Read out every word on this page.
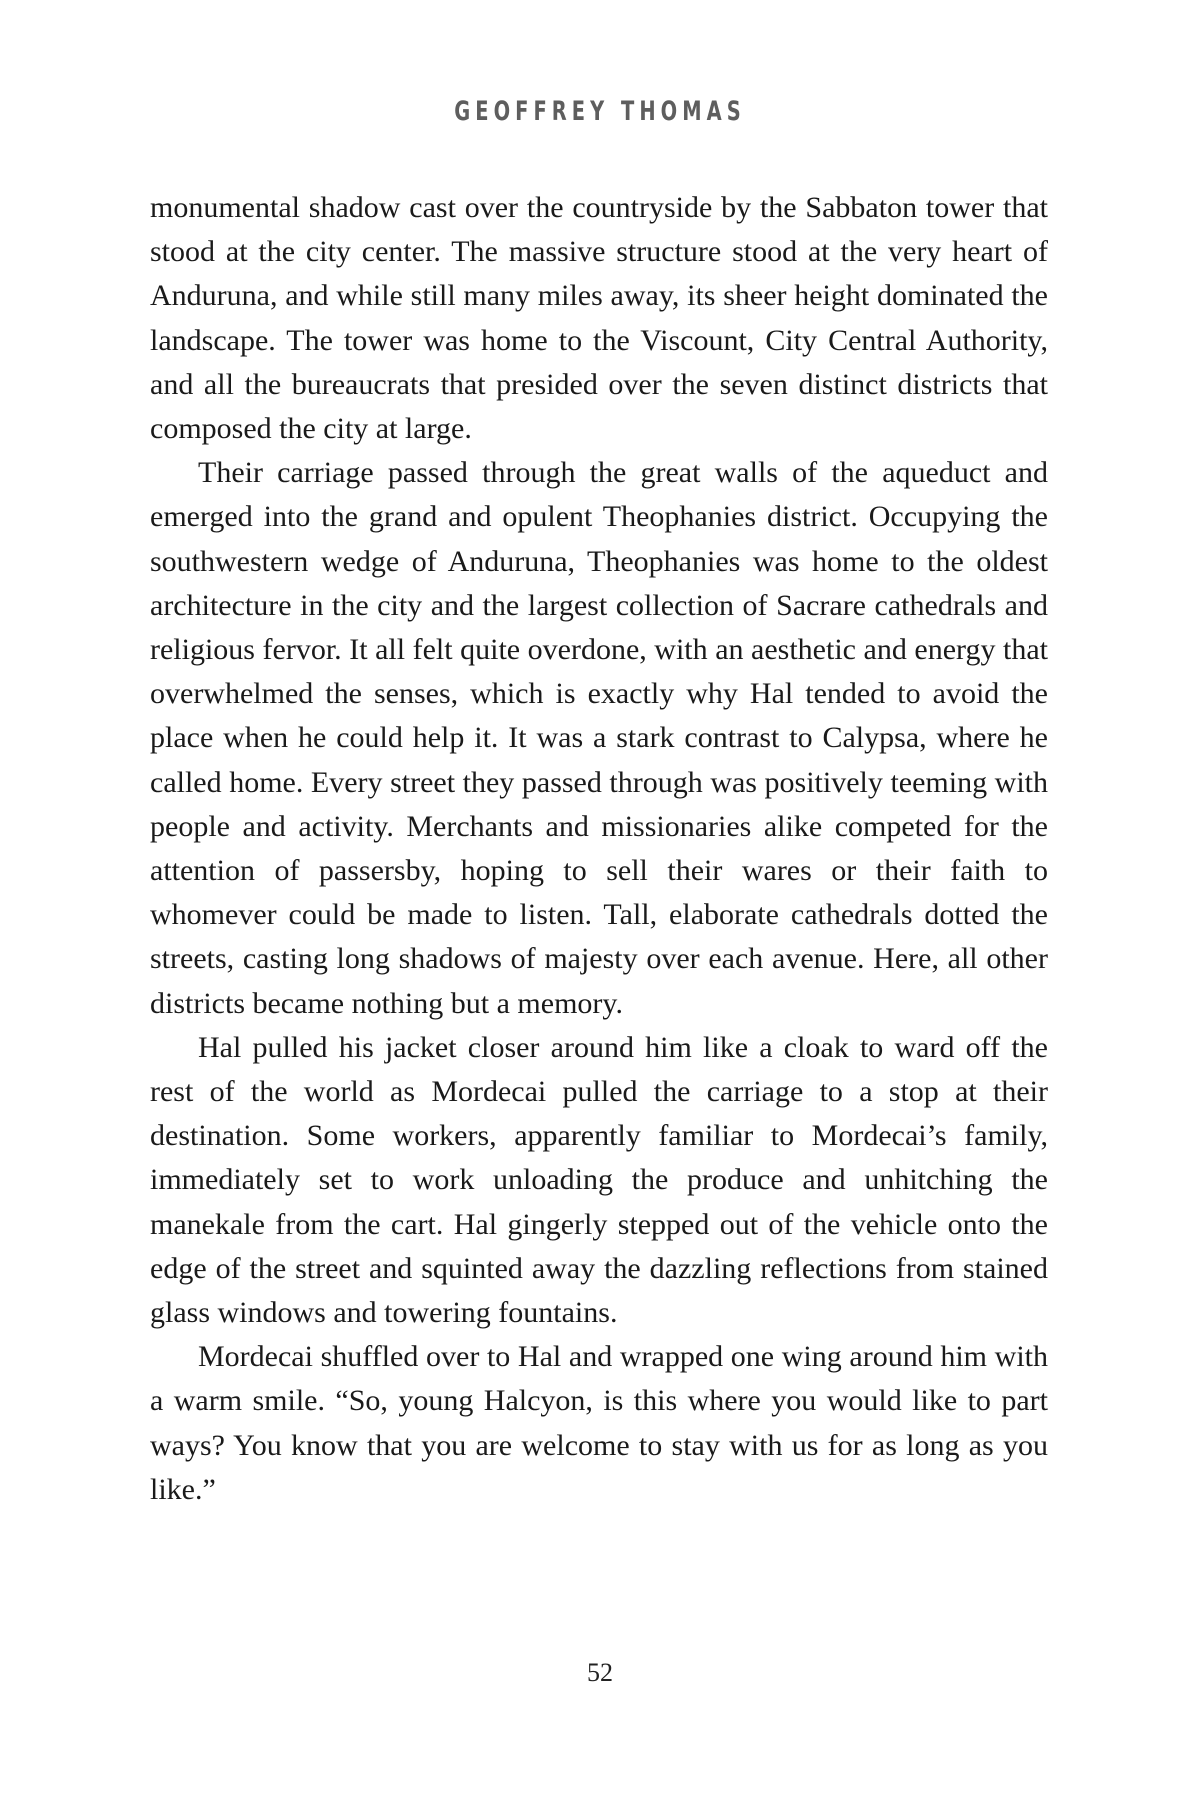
GEOFFREY THOMAS

monumental shadow cast over the countryside by the Sabbaton tower that stood at the city center. The massive structure stood at the very heart of Anduruna, and while still many miles away, its sheer height dominated the landscape. The tower was home to the Viscount, City Central Authority, and all the bureaucrats that presided over the seven distinct districts that composed the city at large.

Their carriage passed through the great walls of the aqueduct and emerged into the grand and opulent Theophanies district. Occupying the southwestern wedge of Anduruna, Theophanies was home to the oldest architecture in the city and the largest collection of Sacrare cathedrals and religious fervor. It all felt quite overdone, with an aesthetic and energy that overwhelmed the senses, which is exactly why Hal tended to avoid the place when he could help it. It was a stark contrast to Calypsa, where he called home. Every street they passed through was positively teeming with people and activity. Merchants and missionaries alike competed for the attention of passersby, hoping to sell their wares or their faith to whomever could be made to listen. Tall, elaborate cathedrals dotted the streets, casting long shadows of majesty over each avenue. Here, all other districts became nothing but a memory.

Hal pulled his jacket closer around him like a cloak to ward off the rest of the world as Mordecai pulled the carriage to a stop at their destination. Some workers, apparently familiar to Mordecai’s family, immediately set to work unloading the produce and unhitching the manekale from the cart. Hal gingerly stepped out of the vehicle onto the edge of the street and squinted away the dazzling reflections from stained glass windows and towering fountains.

Mordecai shuffled over to Hal and wrapped one wing around him with a warm smile. “So, young Halcyon, is this where you would like to part ways? You know that you are welcome to stay with us for as long as you like.”

52
